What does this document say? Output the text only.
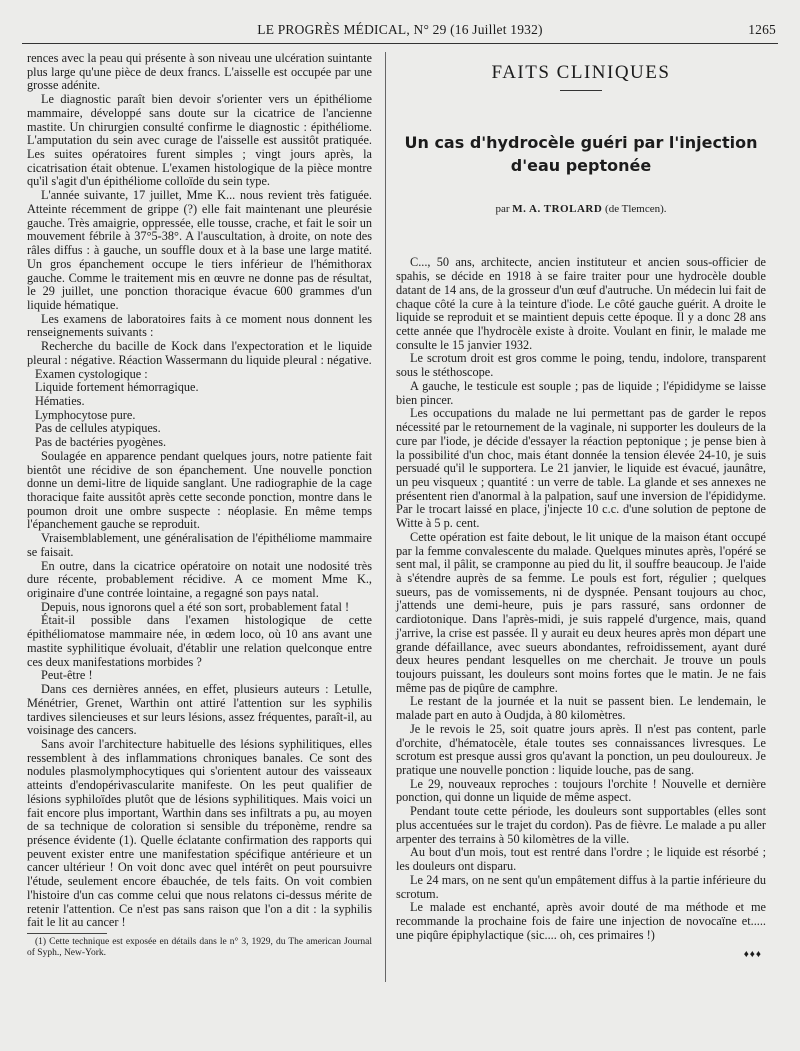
LE PROGRÈS MÉDICAL, N° 29 (16 Juillet 1932)	1265

rences avec la peau qui présente à son niveau une ulcération suintante plus large qu'une pièce de deux francs. L'aisselle est occupée par une grosse adénite.

Le diagnostic paraît bien devoir s'orienter vers un épithéliome mammaire, développé sans doute sur la cicatrice de l'ancienne mastite. Un chirurgien consulté confirme le diagnostic : épithéliome. L'amputation du sein avec curage de l'aisselle est aussitôt pratiquée. Les suites opératoires furent simples ; vingt jours après, la cicatrisation était obtenue. L'examen histologique de la pièce montre qu'il s'agit d'un épithéliome colloïde du sein type.

L'année suivante, 17 juillet, Mme K... nous revient très fatiguée. Atteinte récemment de grippe (?) elle fait maintenant une pleurésie gauche. Très amaigrie, oppressée, elle tousse, crache, et fait le soir un mouvement fébrile à 37°5-38°. A l'auscultation, à droite, on note des râles diffus : à gauche, un souffle doux et à la base une large matité. Un gros épanchement occupe le tiers inférieur de l'hémithorax gauche. Comme le traitement mis en œuvre ne donne pas de résultat, le 29 juillet, une ponction thoracique évacue 600 grammes d'un liquide hématique.

Les examens de laboratoires faits à ce moment nous donnent les renseignements suivants :

Recherche du bacille de Kock dans l'expectoration et le liquide pleural : négative. Réaction Wassermann du liquide pleural : négative.

Examen cystologique :

Liquide fortement hémorragique.

Hématies.

Lymphocytose pure.

Pas de cellules atypiques.

Pas de bactéries pyogènes.

Soulagée en apparence pendant quelques jours, notre patiente fait bientôt une récidive de son épanchement. Une nouvelle ponction donne un demi-litre de liquide sanglant. Une radiographie de la cage thoracique faite aussitôt après cette seconde ponction, montre dans le poumon droit une ombre suspecte : néoplasie. En même temps l'épanchement gauche se reproduit.

Vraisemblablement, une généralisation de l'épithéliome mammaire se faisait.

En outre, dans la cicatrice opératoire on notait une nodosité très dure récente, probablement récidive. A ce moment Mme K., originaire d'une contrée lointaine, a regagné son pays natal.

Depuis, nous ignorons quel a été son sort, probablement fatal !

Était-il possible dans l'examen histologique de cette épithéliomatose mammaire née, in œdem loco, où 10 ans avant une mastite syphilitique évoluait, d'établir une relation quelconque entre ces deux manifestations morbides ?

Peut-être !

Dans ces dernières années, en effet, plusieurs auteurs : Letulle, Ménétrier, Grenet, Warthin ont attiré l'attention sur les syphilis tardives silencieuses et sur leurs lésions, assez fréquentes, paraît-il, au voisinage des cancers.

Sans avoir l'architecture habituelle des lésions syphilitiques, elles ressemblent à des inflammations chroniques banales. Ce sont des nodules plasmolymphocytiques qui s'orientent autour des vaisseaux atteints d'endopérivascularite manifeste. On les peut qualifier de lésions syphiloïdes plutôt que de lésions syphilitiques. Mais voici un fait encore plus important, Warthin dans ses infiltrats a pu, au moyen de sa technique de coloration si sensible du tréponème, rendre sa présence évidente (1). Quelle éclatante confirmation des rapports qui peuvent exister entre une manifestation spécifique antérieure et un cancer ultérieur ! On voit donc avec quel intérêt on peut poursuivre l'étude, seulement encore ébauchée, de tels faits. On voit combien l'histoire d'un cas comme celui que nous relatons ci-dessus mérite de retenir l'attention. Ce n'est pas sans raison que l'on a dit : la syphilis fait le lit au cancer !

(1) Cette technique est exposée en détails dans le n° 3, 1929, du The american Journal of Syph., New-York.

FAITS CLINIQUES
Un cas d'hydrocèle guéri par l'injection d'eau peptonée
par M. A. TROLARD (de Tlemcen).

C..., 50 ans, architecte, ancien instituteur et ancien sous-officier de spahis, se décide en 1918 à se faire traiter pour une hydrocèle double datant de 14 ans, de la grosseur d'un œuf d'autruche. Un médecin lui fait de chaque côté la cure à la teinture d'iode. Le côté gauche guérit. A droite le liquide se reproduit et se maintient depuis cette époque. Il y a donc 28 ans cette année que l'hydrocèle existe à droite. Voulant en finir, le malade me consulte le 15 janvier 1932.

Le scrotum droit est gros comme le poing, tendu, indolore, transparent sous le stéthoscope.

A gauche, le testicule est souple ; pas de liquide ; l'épididyme se laisse bien pincer.

Les occupations du malade ne lui permettant pas de garder le repos nécessité par le retournement de la vaginale, ni supporter les douleurs de la cure par l'iode, je décide d'essayer la réaction peptonique ; je pense bien à la possibilité d'un choc, mais étant donnée la tension élevée 24-10, je suis persuadé qu'il le supportera. Le 21 janvier, le liquide est évacué, jaunâtre, un peu visqueux ; quantité : un verre de table. La glande et ses annexes ne présentent rien d'anormal à la palpation, sauf une inversion de l'épididyme. Par le trocart laissé en place, j'injecte 10 c.c. d'une solution de peptone de Witte à 5 p. cent.

Cette opération est faite debout, le lit unique de la maison étant occupé par la femme convalescente du malade. Quelques minutes après, l'opéré se sent mal, il pâlit, se cramponne au pied du lit, il souffre beaucoup. Je l'aide à s'étendre auprès de sa femme. Le pouls est fort, régulier ; quelques sueurs, pas de vomissements, ni de dyspnée. Pensant toujours au choc, j'attends une demi-heure, puis je pars rassuré, sans ordonner de cardiotonique. Dans l'après-midi, je suis rappelé d'urgence, mais, quand j'arrive, la crise est passée. Il y aurait eu deux heures après mon départ une grande défaillance, avec sueurs abondantes, refroidissement, ayant duré deux heures pendant lesquelles on me cherchait. Je trouve un pouls toujours puissant, les douleurs sont moins fortes que le matin. Je ne fais même pas de piqûre de camphre.

Le restant de la journée et la nuit se passent bien. Le lendemain, le malade part en auto à Oudjda, à 80 kilomètres.

Je le revois le 25, soit quatre jours après. Il n'est pas content, parle d'orchite, d'hématocèle, étale toutes ses connaissances livresques. Le scrotum est presque aussi gros qu'avant la ponction, un peu douloureux. Je pratique une nouvelle ponction : liquide louche, pas de sang.

Le 29, nouveaux reproches : toujours l'orchite ! Nouvelle et dernière ponction, qui donne un liquide de même aspect.

Pendant toute cette période, les douleurs sont supportables (elles sont plus accentuées sur le trajet du cordon). Pas de fièvre. Le malade a pu aller arpenter des terrains à 50 kilomètres de la ville.

Au bout d'un mois, tout est rentré dans l'ordre ; le liquide est résorbé ; les douleurs ont disparu.

Le 24 mars, on ne sent qu'un empâtement diffus à la partie inférieure du scrotum.

Le malade est enchanté, après avoir douté de ma méthode et me recommande la prochaine fois de faire une injection de novocaïne et..... une piqûre épiphylactique (sic.... oh, ces primaires !)

♦♦♦
